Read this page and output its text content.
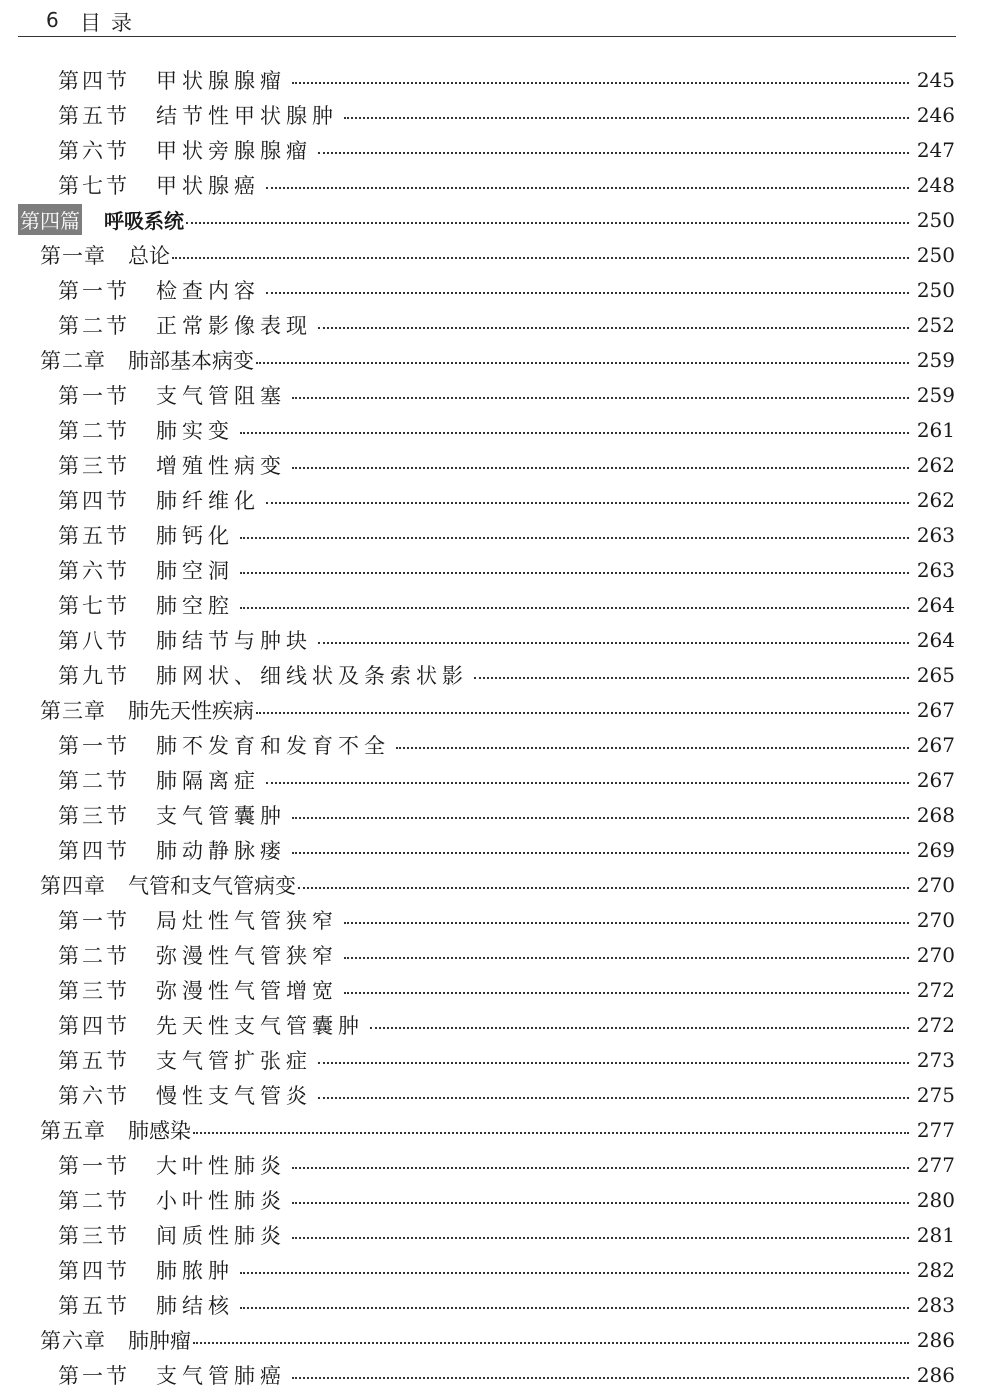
6 目录
第四节 甲状腺腺瘤	245
第五节 结节性甲状腺肿	246
第六节 甲状旁腺腺瘤	247
第七节 甲状腺癌	248
第四篇 呼吸系统	250
第一章 总论	250
第一节 检查内容	250
第二节 正常影像表现	252
第二章 肺部基本病变	259
第一节 支气管阻塞	259
第二节 肺实变	261
第三节 增殖性病变	262
第四节 肺纤维化	262
第五节 肺钙化	263
第六节 肺空洞	263
第七节 肺空腔	264
第八节 肺结节与肿块	264
第九节 肺网状、细线状及条索状影	265
第三章 肺先天性疾病	267
第一节 肺不发育和发育不全	267
第二节 肺隔离症	267
第三节 支气管囊肿	268
第四节 肺动静脉瘘	269
第四章 气管和支气管病变	270
第一节 局灶性气管狭窄	270
第二节 弥漫性气管狭窄	270
第三节 弥漫性气管增宽	272
第四节 先天性支气管囊肿	272
第五节 支气管扩张症	273
第六节 慢性支气管炎	275
第五章 肺感染	277
第一节 大叶性肺炎	277
第二节 小叶性肺炎	280
第三节 间质性肺炎	281
第四节 肺脓肿	282
第五节 肺结核	283
第六章 肺肿瘤	286
第一节 支气管肺癌	286
